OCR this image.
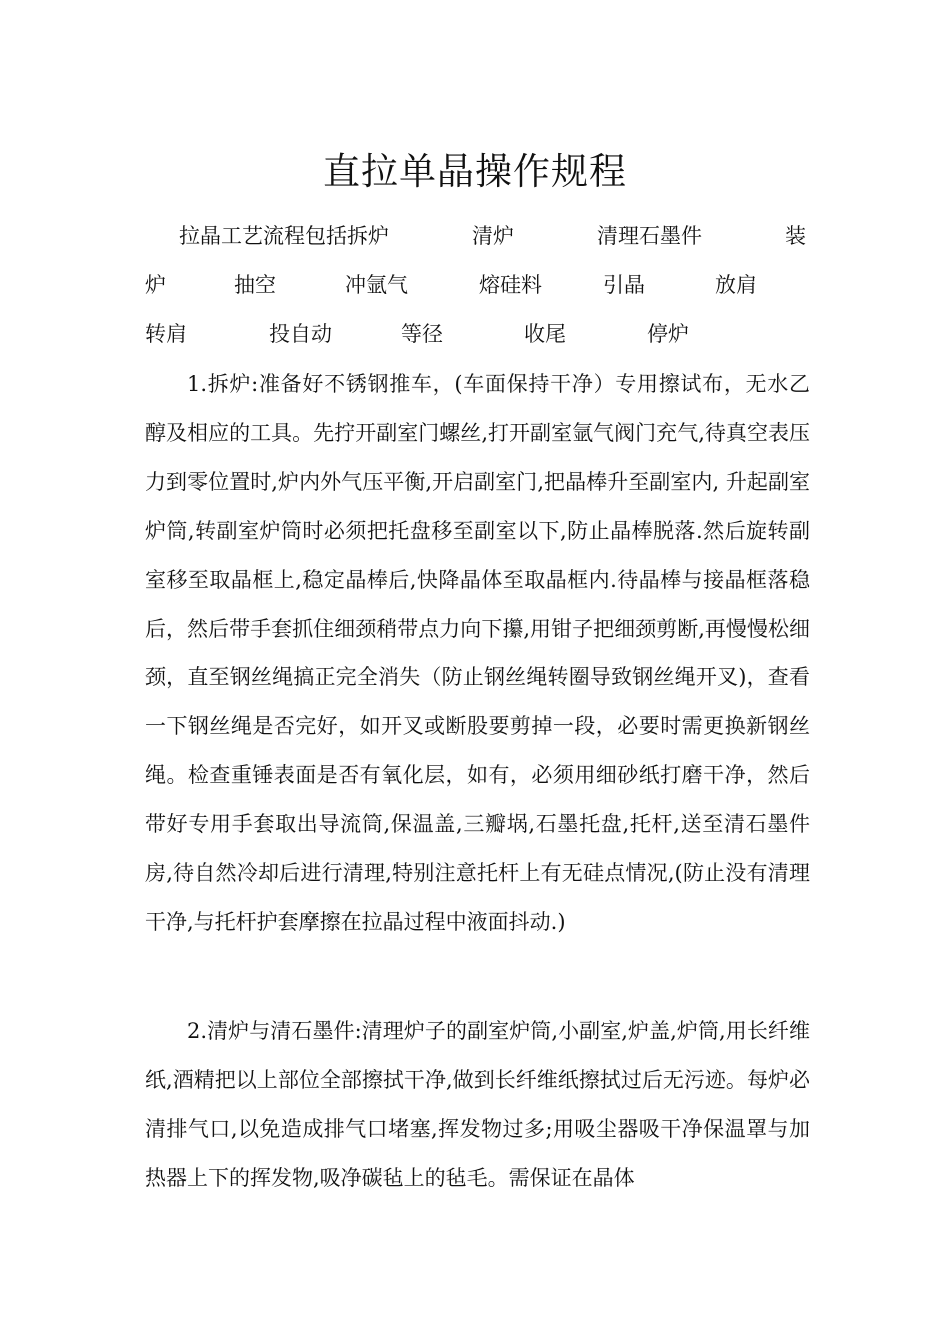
直拉单晶操作规程
拉晶工艺流程包括拆炉	清炉	清理石墨件	装
炉	抽空	冲氩气	熔硅料	引晶	放肩
转肩	投自动	等径	收尾	停炉

1.拆炉:准备好不锈钢推车，(车面保持干净）专用擦试布，无水乙醇及相应的工具。先拧开副室门螺丝,打开副室氩气阀门充气,待真空表压力到零位置时,炉内外气压平衡,开启副室门,把晶棒升至副室内, 升起副室炉筒,转副室炉筒时必须把托盘移至副室以下,防止晶棒脱落.然后旋转副室移至取晶框上,稳定晶棒后,快降晶体至取晶框内.待晶棒与接晶框落稳后，然后带手套抓住细颈稍带点力向下攥,用钳子把细颈剪断,再慢慢松细颈，直至钢丝绳搞正完全消失（防止钢丝绳转圈导致钢丝绳开叉)，查看一下钢丝绳是否完好，如开叉或断股要剪掉一段，必要时需更换新钢丝绳。检查重锤表面是否有氧化层，如有，必须用细砂纸打磨干净，然后带好专用手套取出导流筒,保温盖,三瓣埚,石墨托盘,托杆,送至清石墨件房,待自然冷却后进行清理,特别注意托杆上有无硅点情况,(防止没有清理干净,与托杆护套摩擦在拉晶过程中液面抖动.)

2.清炉与清石墨件:清理炉子的副室炉筒,小副室,炉盖,炉筒,用长纤维纸,酒精把以上部位全部擦拭干净,做到长纤维纸擦拭过后无污迹。每炉必清排气口,以免造成排气口堵塞,挥发物过多;用吸尘器吸干净保温罩与加热器上下的挥发物,吸净碳毡上的毡毛。需保证在晶体
